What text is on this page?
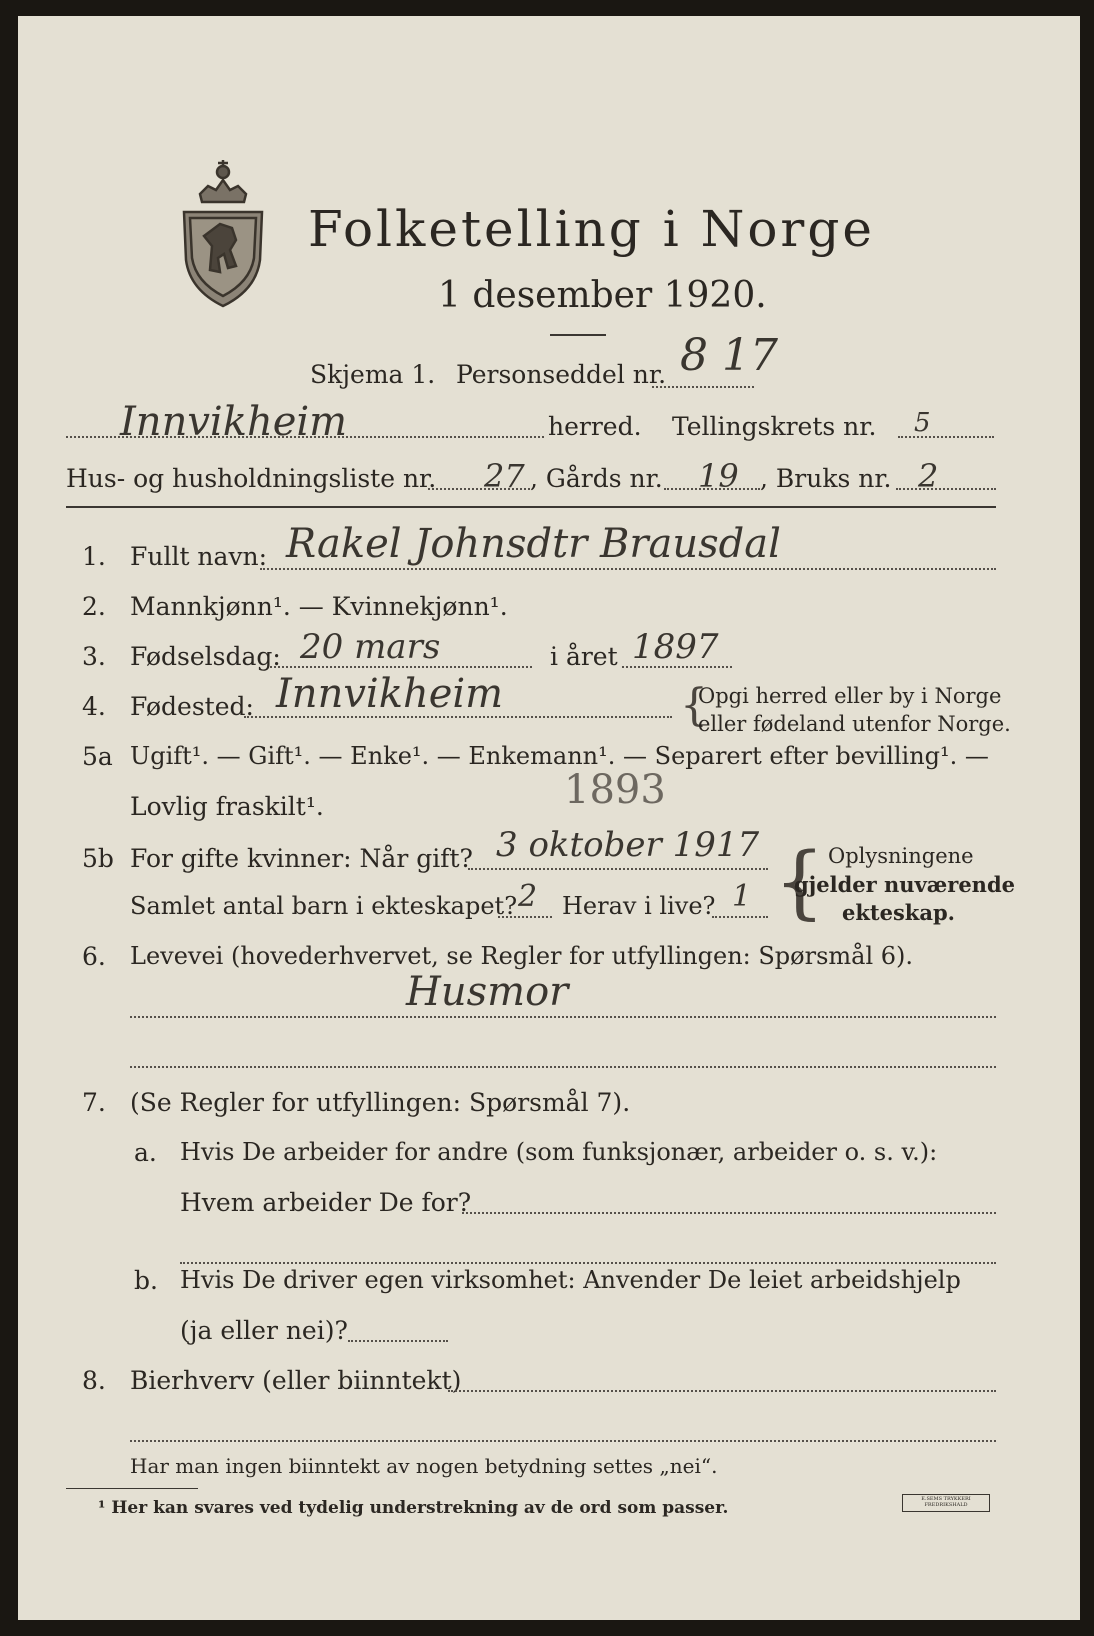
Folketelling i Norge
1 desember 1920.
Skjema 1. Personseddel nr. 8 17
Innvikheim	herred. Tellingskrets nr. 5
Hus- og husholdningsliste nr. 27 , Gårds nr. 19 , Bruks nr. 2
1. Fullt navn: Rakel Johnsdtr Brausdal
2. Mannkjønn¹. — Kvinnekjønn¹.
3. Fødselsdag: 20 mars	i året 1897
4. Fødested: Innvikheim	{
Opgi herred eller by i Norge
eller fødeland utenfor Norge.
5a Ugift¹. — Gift¹. — Enke¹. — Enkemann¹. — Separert efter bevilling¹. —
Lovlig fraskilt¹.	1893
5b For gifte kvinner: Når gift? 3 oktober 1917
Samlet antal barn i ekteskapet? 2 Herav i live? 1 { Oplysningene
gjelder nuværende
ekteskap.
6. Levevei (hovederhvervet, se Regler for utfyllingen: Spørsmål 6).
Husmor
7. (Se Regler for utfyllingen: Spørsmål 7).
a. Hvis De arbeider for andre (som funksjonær, arbeider o. s. v.):
Hvem arbeider De for?
b. Hvis De driver egen virksomhet: Anvender De leiet arbeidshjelp
(ja eller nei)?
8. Bierhverv (eller biinntekt)
Har man ingen biinntekt av nogen betydning settes „nei“.
¹ Her kan svares ved tydelig understrekning av de ord som passer.	E.SEMS TRYKKERI FREDRIKSHALD
